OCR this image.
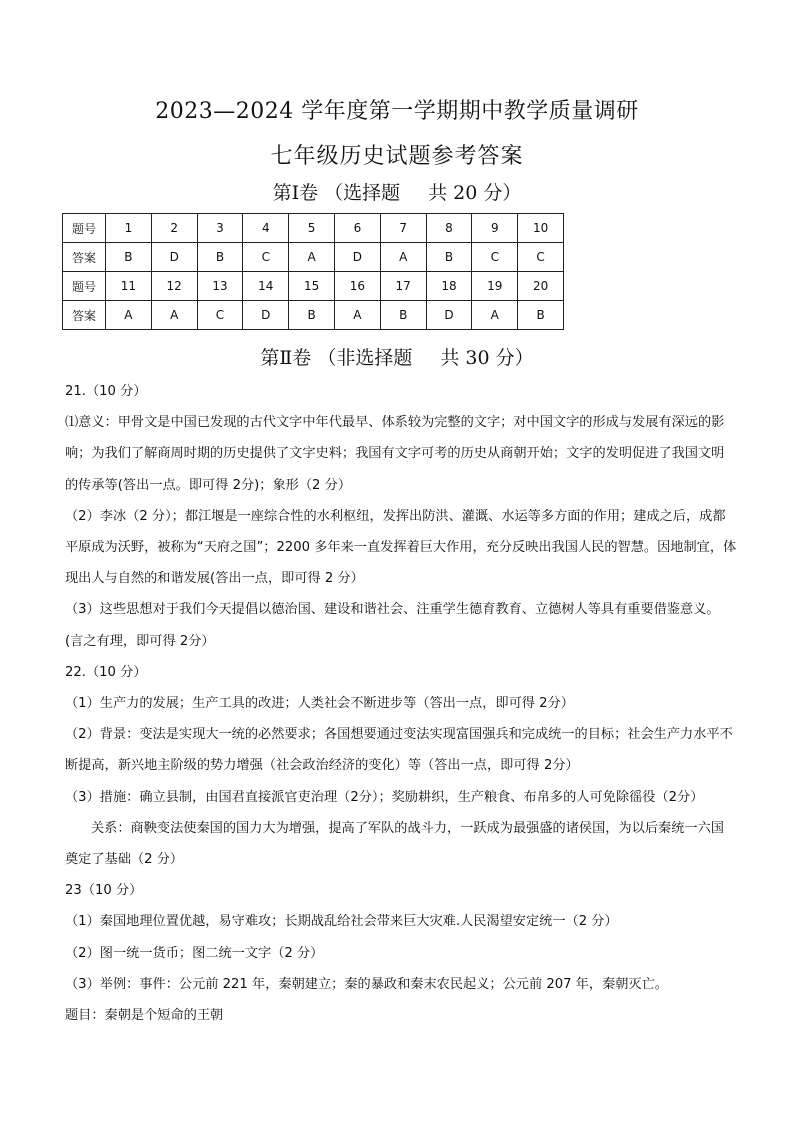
2023—2024 学年度第一学期期中教学质量调研
七年级历史试题参考答案
第Ⅰ卷 （选择题 共 20 分）
题号	1	2	3	4	5	6	7	8	9	10
答案	B	D	B	C	A	D	A	B	C	C
题号	11	12	13	14	15	16	17	18	19	20
答案	A	A	C	D	B	A	B	D	A	B
第Ⅱ卷 （非选择题 共 30 分）

21.（10 分）

⑴意义：甲骨文是中国已发现的古代文字中年代最早、体系较为完整的文字；对中国文字的形成与发展有深远的影响；为我们了解商周时期的历史提供了文字史料；我国有文字可考的历史从商朝开始；文字的发明促进了我国文明的传承等(答出一点。即可得 2分)；象形（2 分）

（2）李冰（2 分）；都江堰是一座综合性的水利枢纽，发挥出防洪、灌溉、水运等多方面的作用；建成之后，成都平原成为沃野，被称为“天府之国”；2200 多年来一直发挥着巨大作用，充分反映出我国人民的智慧。因地制宜，体现出人与自然的和谐发展(答出一点，即可得 2 分）

（3）这些思想对于我们今天提倡以德治国、建设和谐社会、注重学生德育教育、立德树人等具有重要借鉴意义。(言之有理，即可得 2分）

22.（10 分）

（1）生产力的发展；生产工具的改进；人类社会不断进步等（答出一点，即可得 2分）

（2）背景：变法是实现大一统的必然要求；各国想要通过变法实现富国强兵和完成统一的目标；社会生产力水平不断提高，新兴地主阶级的势力增强（社会政治经济的变化）等（答出一点，即可得 2分）

（3）措施：确立县制，由国君直接派官吏治理（2分）；奖励耕织，生产粮食、布帛多的人可免除徭役（2分）

关系：商鞅变法使秦国的国力大为增强，提高了军队的战斗力，一跃成为最强盛的诸侯国，为以后秦统一六国奠定了基础（2 分）

23（10 分）

（1）秦国地理位置优越，易守难攻；长期战乱给社会带来巨大灾难.人民渴望安定统一（2 分）

（2）图一统一货币；图二统一文字（2 分）

（3）举例：事件：公元前 221 年，秦朝建立；秦的暴政和秦末农民起义；公元前 207 年，秦朝灭亡。

题目：秦朝是个短命的王朝
